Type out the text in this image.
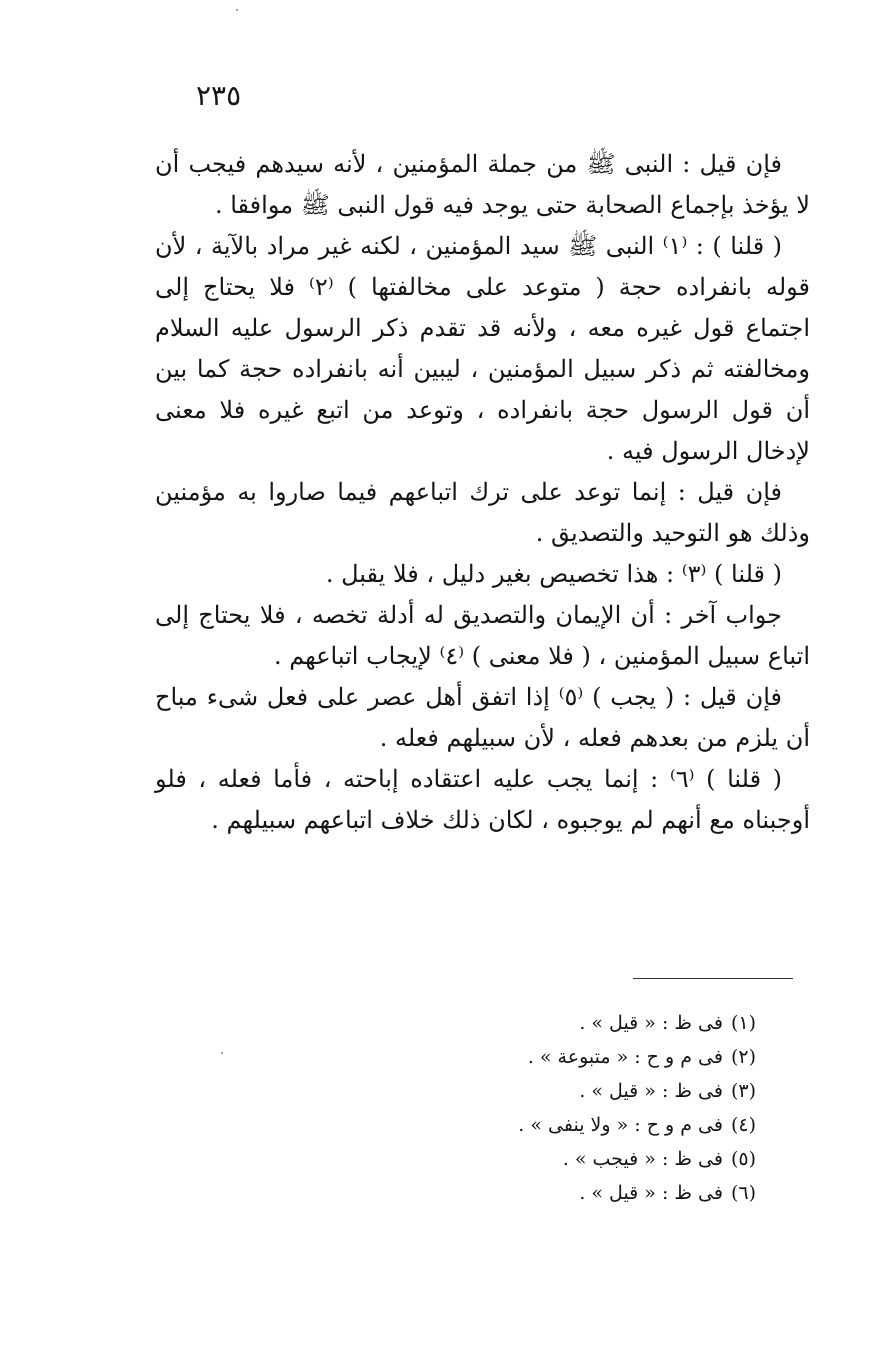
٢٣٥

فإن قيل : النبى ﷺ من جملة المؤمنين ، لأنه سيدهم فيجب أن لا يؤخذ بإجماع الصحابة حتى يوجد فيه قول النبى ﷺ موافقا .

( قلنا ) : ⁽١⁾ النبى ﷺ سيد المؤمنين ، لكنه غير مراد بالآية ، لأن قوله بانفراده حجة ( متوعد على مخالفتها ) ⁽٢⁾ فلا يحتاج إلى اجتماع قول غيره معه ، ولأنه قد تقدم ذكر الرسول عليه السلام ومخالفته ثم ذكر سبيل المؤمنين ، ليبين أنه بانفراده حجة كما بين أن قول الرسول حجة بانفراده ، وتوعد من اتبع غيره فلا معنى لإدخال الرسول فيه .

فإن قيل : إنما توعد على ترك اتباعهم فيما صاروا به مؤمنين وذلك هو التوحيد والتصديق .

( قلنا ) ⁽٣⁾ : هذا تخصيص بغير دليل ، فلا يقبل .

جواب آخر : أن الإيمان والتصديق له أدلة تخصه ، فلا يحتاج إلى اتباع سبيل المؤمنين ، ( فلا معنى ) ⁽٤⁾ لإيجاب اتباعهم .

فإن قيل : ( يجب ) ⁽٥⁾ إذا اتفق أهل عصر على فعل شىء مباح أن يلزم من بعدهم فعله ، لأن سبيلهم فعله .

( قلنا ) ⁽٦⁾ : إنما يجب عليه اعتقاده إباحته ، فأما فعله ، فلو أوجبناه مع أنهم لم يوجبوه ، لكان ذلك خلاف اتباعهم سبيلهم .

(١)فى ظ : « قيل » .
(٢)فى م و ح : « متبوعة » .
(٣)فى ظ : « قيل » .
(٤)فى م و ح : « ولا ينفى » .
(٥)فى ظ : « فيجب » .
(٦)فى ظ : « قيل » .
